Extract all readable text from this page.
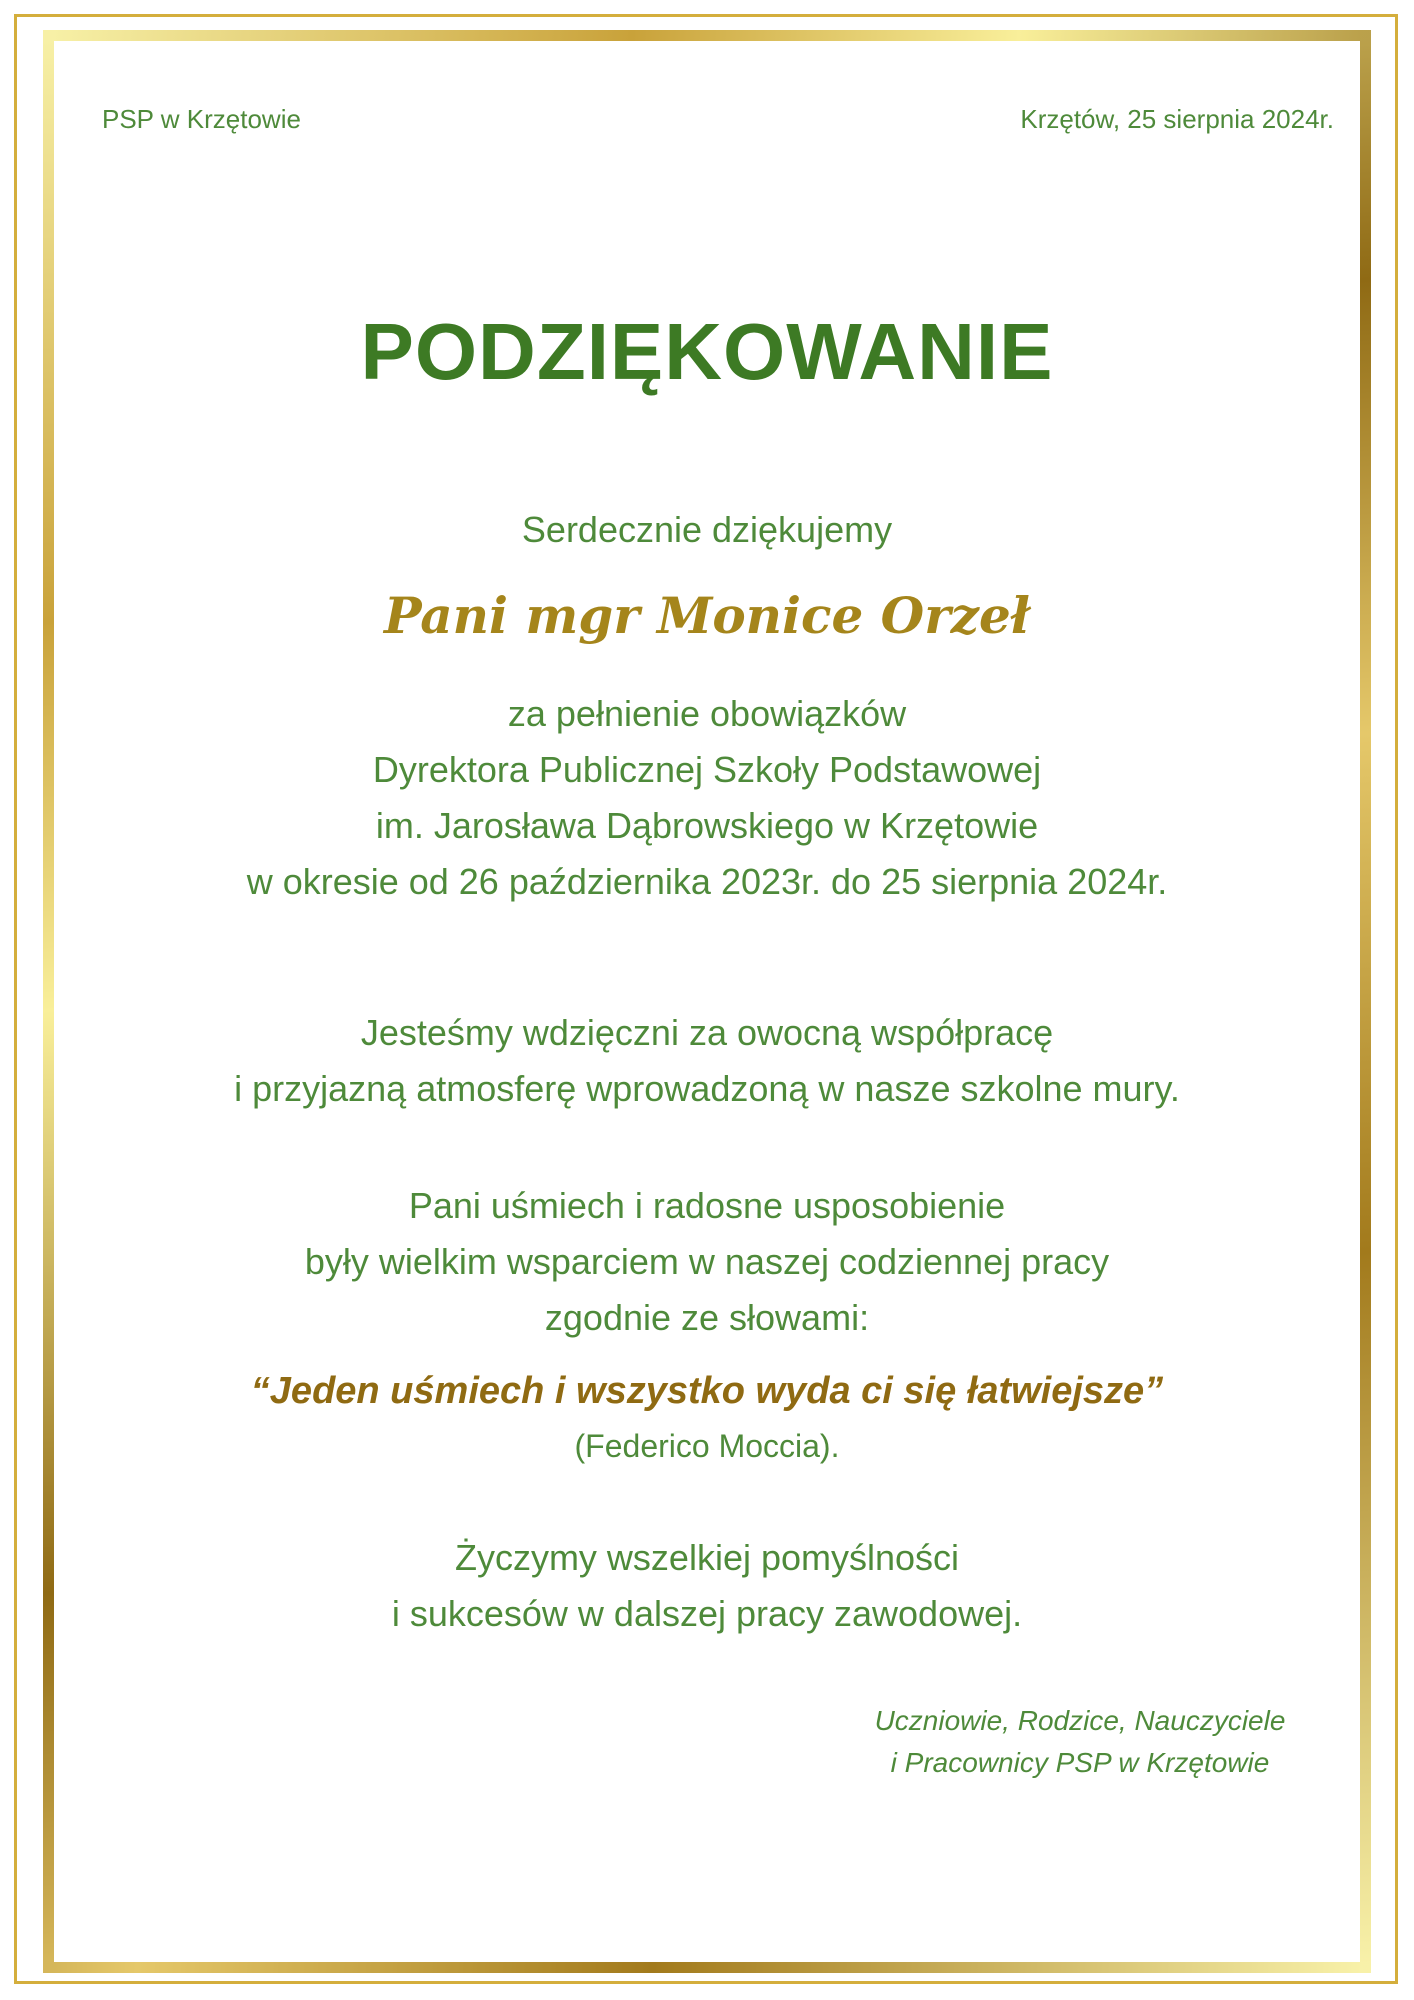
PSP w Krzętowie	Krzętów, 25 sierpnia 2024r.
PODZIĘKOWANIE
Serdecznie dziękujemy
Pani mgr Monice Orzeł
za pełnienie obowiązków
Dyrektora Publicznej Szkoły Podstawowej
im. Jarosława Dąbrowskiego w Krzętowie
w okresie od 26 października 2023r. do 25 sierpnia 2024r.
Jesteśmy wdzięczni za owocną współpracę
i przyjazną atmosferę wprowadzoną w nasze szkolne mury.
Pani uśmiech i radosne usposobienie
były wielkim wsparciem w naszej codziennej pracy
zgodnie ze słowami:
“Jeden uśmiech i wszystko wyda ci się łatwiejsze”
(Federico Moccia).
Życzymy wszelkiej pomyślności
i sukcesów w dalszej pracy zawodowej.
Uczniowie, Rodzice, Nauczyciele
i Pracownicy PSP w Krzętowie
